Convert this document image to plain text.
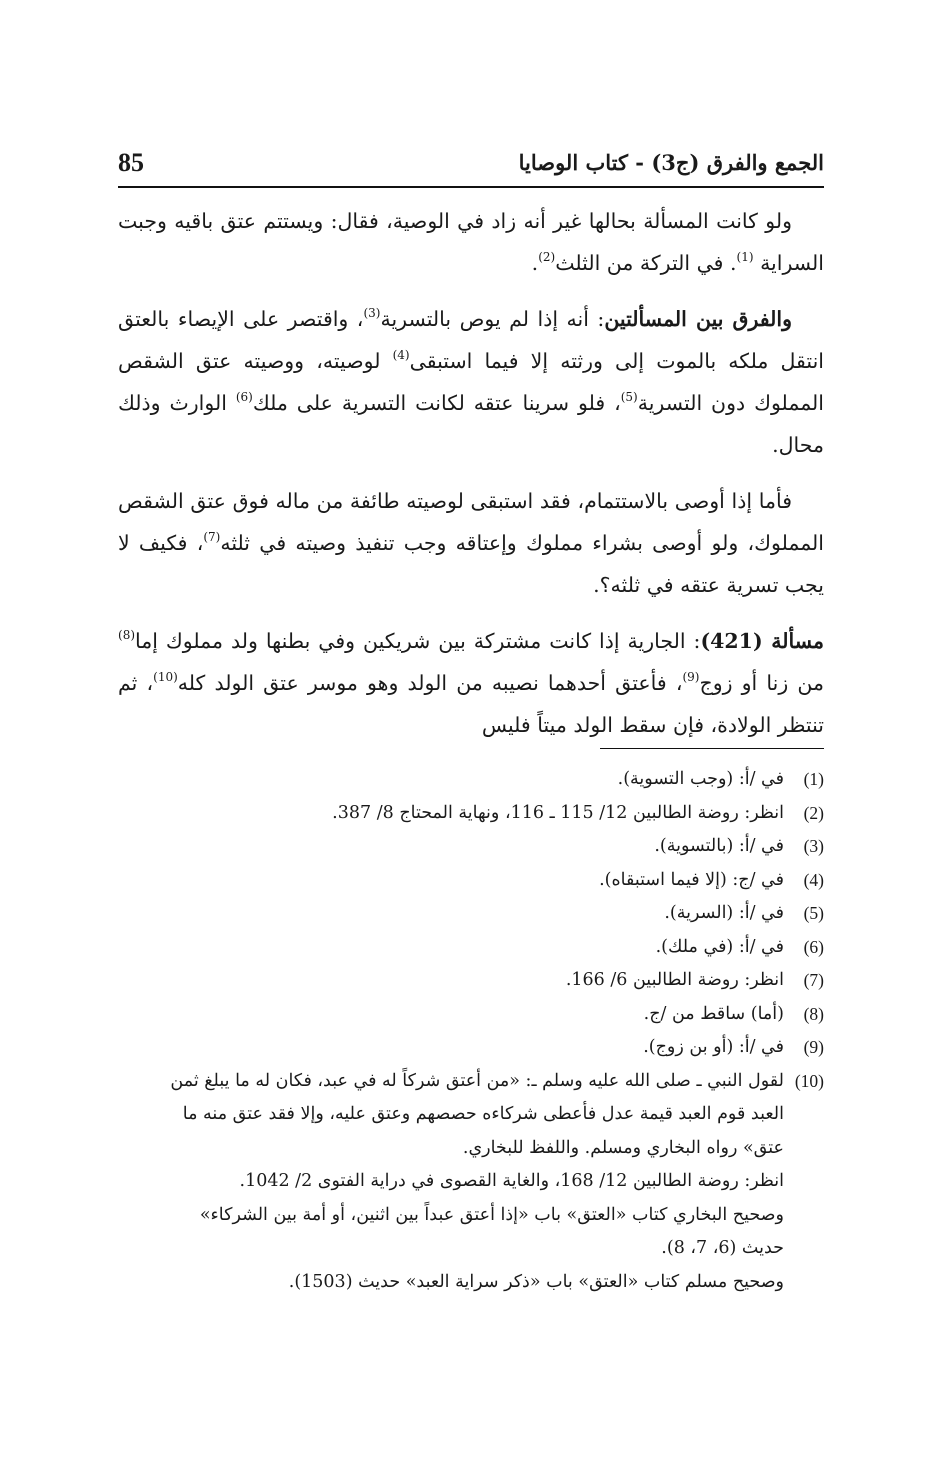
85	الجمع والفرق (ج3) - كتاب الوصايا

ولو كانت المسألة بحالها غير أنه زاد في الوصية، فقال: ويستتم عتق باقيه وجبت السراية $^{(1)}$. في التركة من الثلث$^{(2)}$.

والفرق بين المسألتين: أنه إذا لم يوص بالتسرية$^{(3)}$، واقتصر على الإيصاء بالعتق انتقل ملكه بالموت إلى ورثته إلا فيما استبقى$^{(4)}$ لوصيته، ووصيته عتق الشقص المملوك دون التسرية$^{(5)}$، فلو سرينا عتقه لكانت التسرية على ملك$^{(6)}$ الوارث وذلك محال.

فأما إذا أوصى بالاستتمام، فقد استبقى لوصيته طائفة من ماله فوق عتق الشقص المملوك، ولو أوصى بشراء مملوك وإعتاقه وجب تنفيذ وصيته في ثلثه$^{(7)}$، فكيف لا يجب تسرية عتقه في ثلثه؟.

مسألة (421): الجارية إذا كانت مشتركة بين شريكين وفي بطنها ولد مملوك إما$^{(8)}$ من زنا أو زوج$^{(9)}$، فأعتق أحدهما نصيبه من الولد وهو موسر عتق الولد كله$^{(10)}$، ثم تنتظر الولادة، فإن سقط الولد ميتاً فليس

(1)
في /أ: (وجب التسوية).
(2)
انظر: روضة الطالبين 12/ 115 ـ 116، ونهاية المحتاج 8/ 387.
(3)
في /أ: (بالتسوية).
(4)
في /ج: (إلا فيما استبقاه).
(5)
في /أ: (السرية).
(6)
في /أ: (في ملك).
(7)
انظر: روضة الطالبين 6/ 166.
(8)
(أما) ساقط من /ج.
(9)
في /أ: (أو بن زوج).
(10)
لقول النبي ـ صلى الله عليه وسلم ـ: «من أعتق شركاً له في عبد، فكان له ما يبلغ ثمن
العبد قوم العبد قيمة عدل فأعطى شركاءه حصصهم وعتق عليه، وإلا فقد عتق منه ما
عتق» رواه البخاري ومسلم. واللفظ للبخاري.
انظر: روضة الطالبين 12/ 168، والغاية القصوى في دراية الفتوى 2/ 1042.
وصحيح البخاري كتاب «العتق» باب «إذا أعتق عبداً بين اثنين، أو أمة بين الشركاء»
حديث (6، 7، 8).
وصحيح مسلم كتاب «العتق» باب «ذكر سراية العبد» حديث (1503).
